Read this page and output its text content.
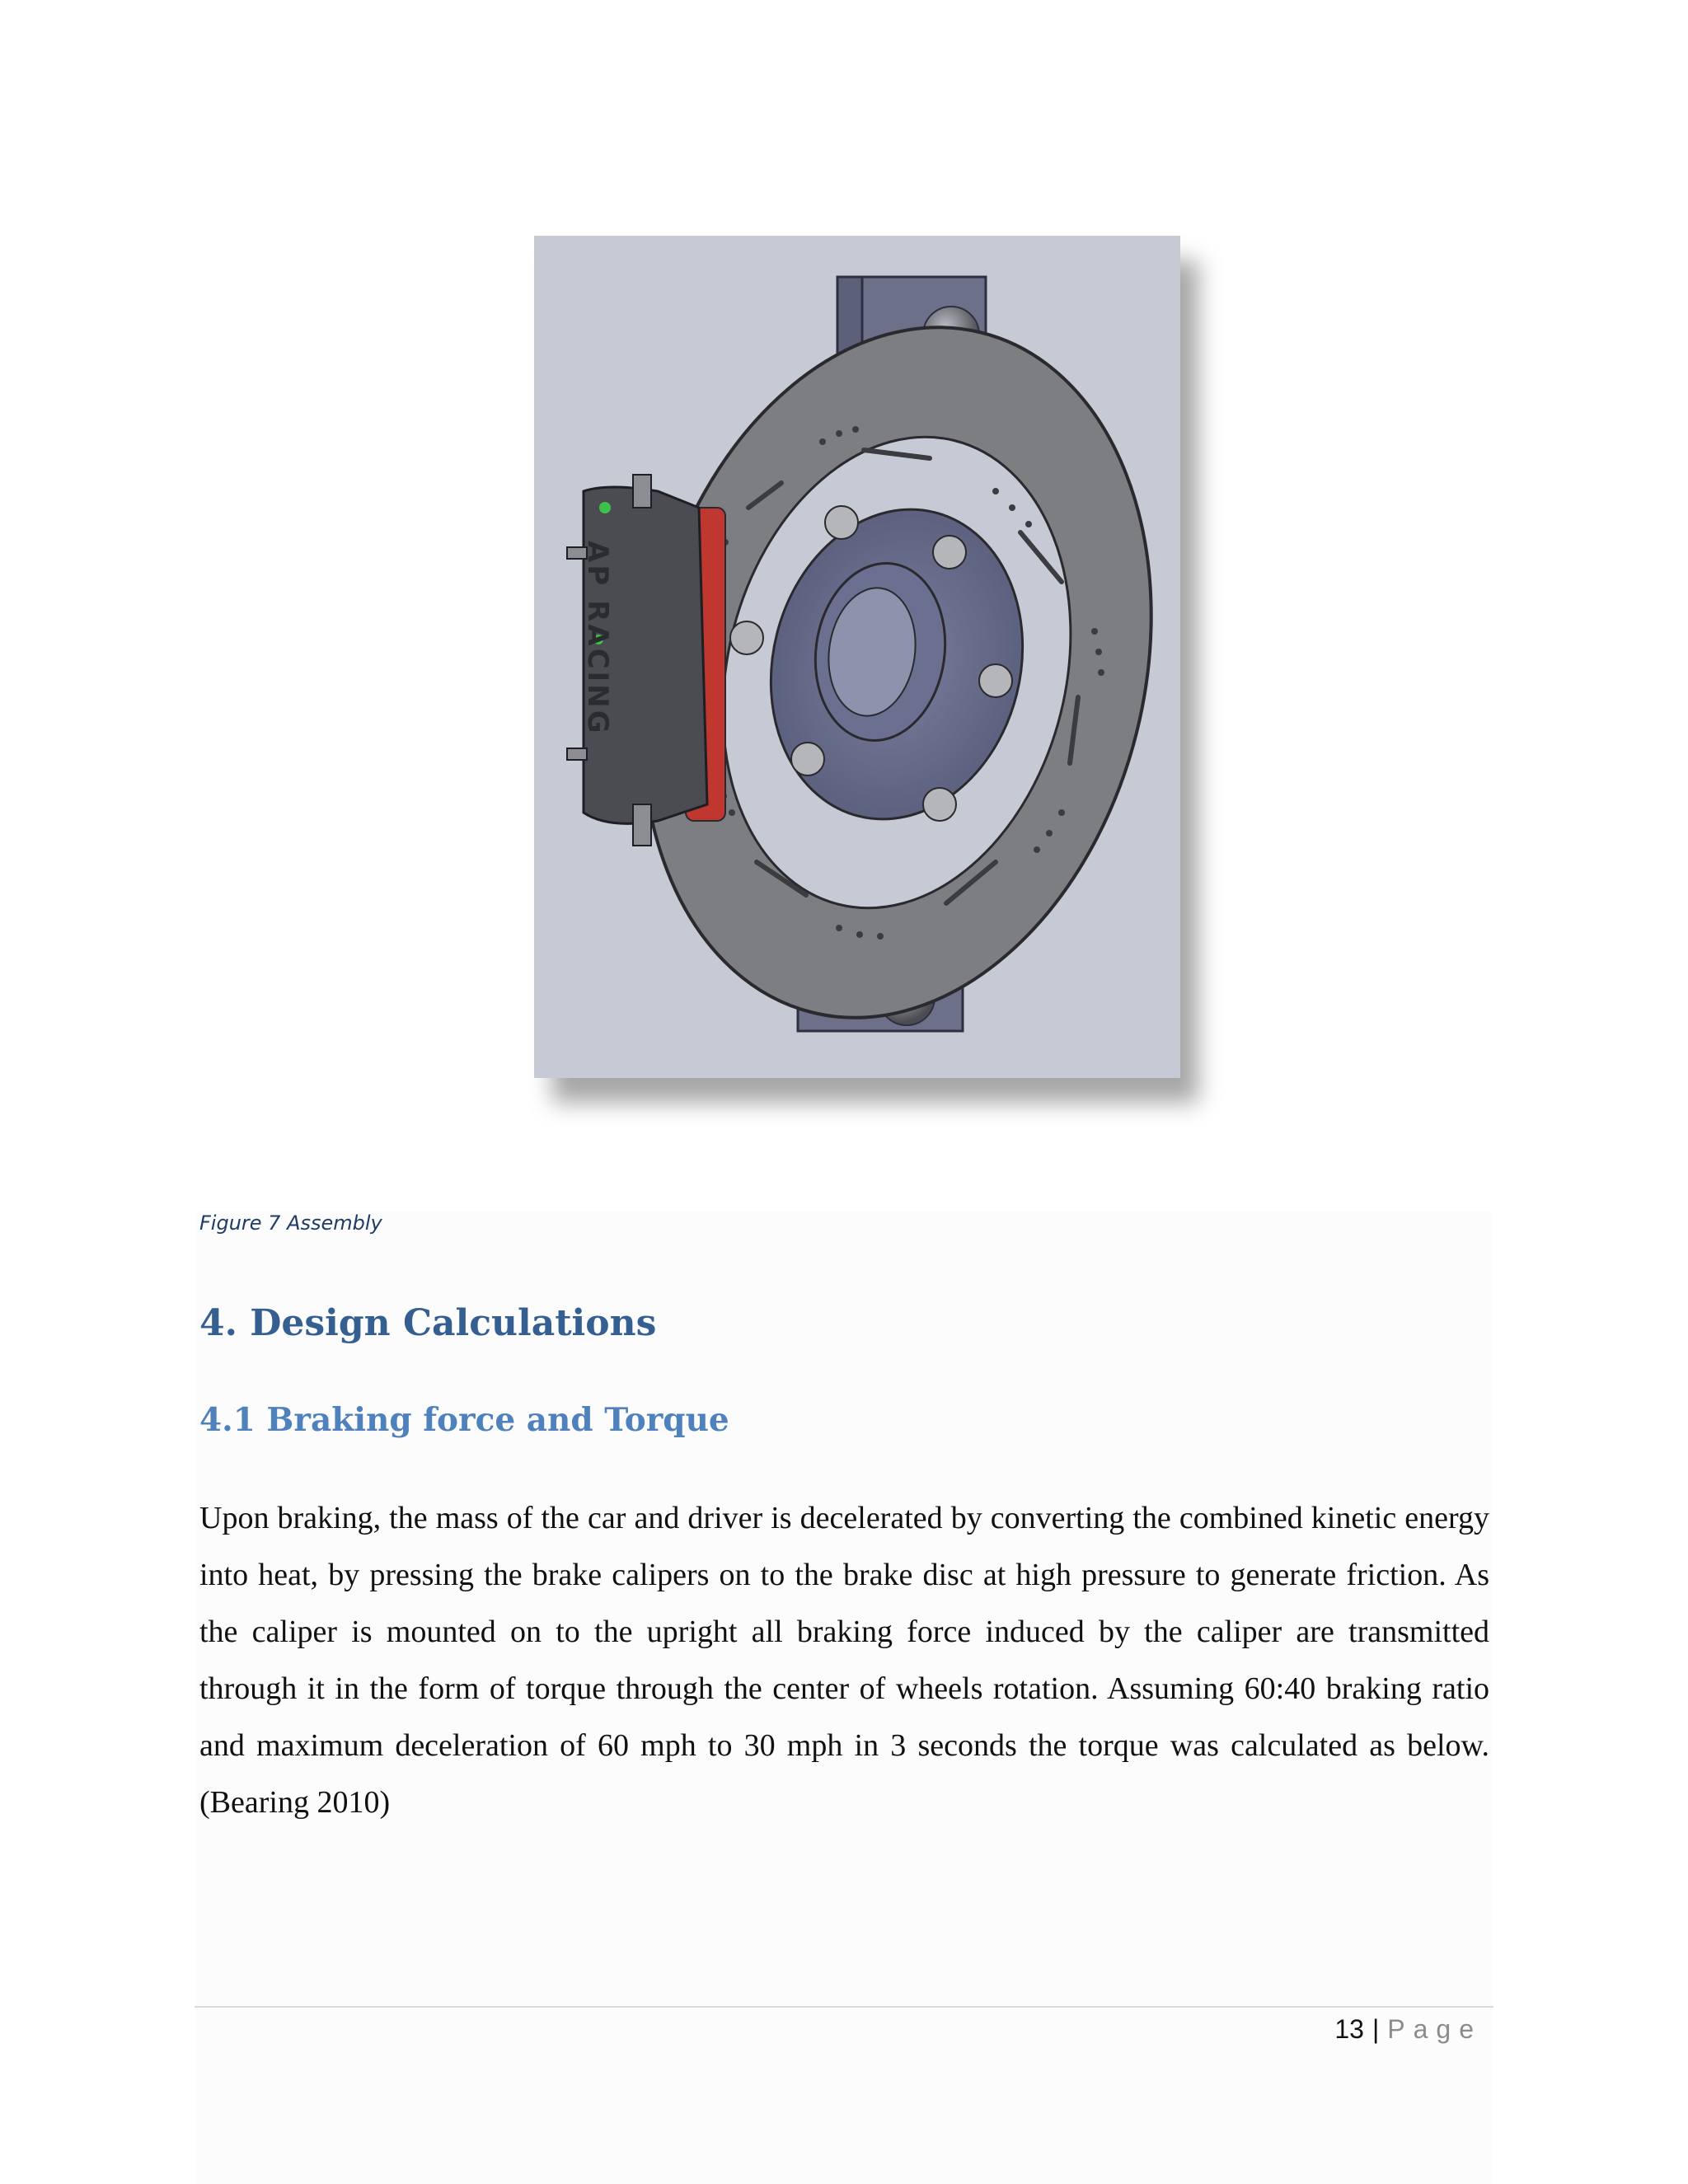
AP RACING
Figure 7 Assembly
4. Design Calculations
4.1 Braking force and Torque

Upon braking, the mass of the car and driver is decelerated by converting the combined kinetic energy into heat, by pressing the brake calipers on to the brake disc at high pressure to generate friction. As the caliper is mounted on to the upright all braking force induced by the caliper are transmitted through it in the form of torque through the center of wheels rotation. Assuming 60:40 braking ratio and maximum deceleration of 60 mph to 30 mph in 3 seconds the torque was calculated as below.(Bearing 2010)

13 | Page
